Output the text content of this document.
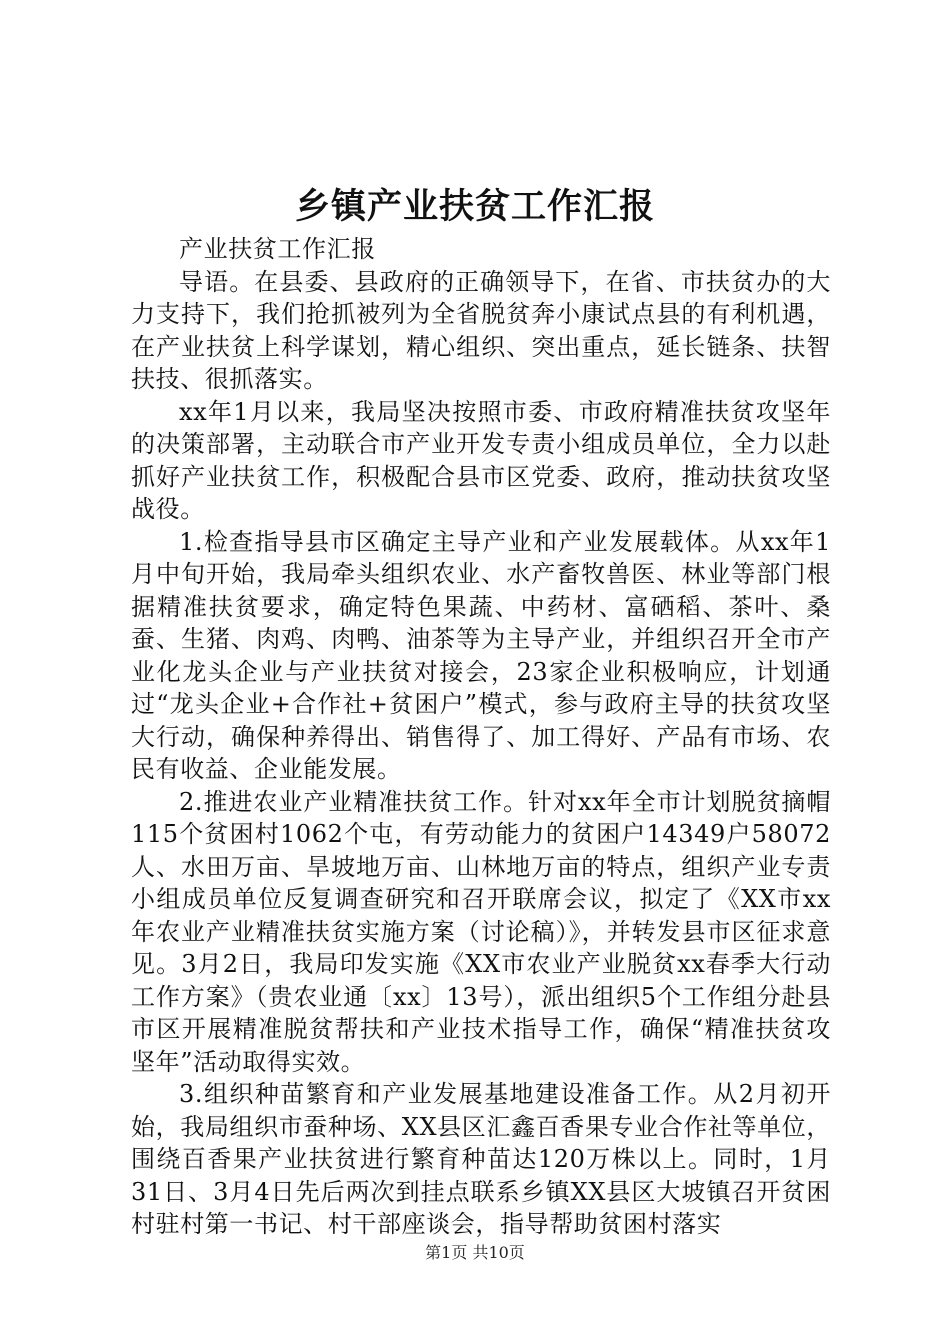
乡镇产业扶贫工作汇报

产业扶贫工作汇报

导语。在县委、县政府的正确领导下，在省、市扶贫办的大力支持下，我们抢抓被列为全省脱贫奔小康试点县的有利机遇，在产业扶贫上科学谋划，精心组织、突出重点，延长链条、扶智扶技、很抓落实。

xx年1月以来，我局坚决按照市委、市政府精准扶贫攻坚年的决策部署，主动联合市产业开发专责小组成员单位，全力以赴抓好产业扶贫工作，积极配合县市区党委、政府，推动扶贫攻坚战役。

1.检查指导县市区确定主导产业和产业发展载体。从xx年1月中旬开始，我局牵头组织农业、水产畜牧兽医、林业等部门根据精准扶贫要求，确定特色果蔬、中药材、富硒稻、茶叶、桑蚕、生猪、肉鸡、肉鸭、油茶等为主导产业，并组织召开全市产业化龙头企业与产业扶贫对接会，23家企业积极响应，计划通过“龙头企业+合作社+贫困户”模式，参与政府主导的扶贫攻坚大行动，确保种养得出、销售得了、加工得好、产品有市场、农民有收益、企业能发展。

2.推进农业产业精准扶贫工作。针对xx年全市计划脱贫摘帽115个贫困村1062个屯，有劳动能力的贫困户14349户58072人、水田万亩、旱坡地万亩、山林地万亩的特点，组织产业专责小组成员单位反复调查研究和召开联席会议，拟定了《XX市xx年农业产业精准扶贫实施方案（讨论稿）》，并转发县市区征求意见。3月2日，我局印发实施《XX市农业产业脱贫xx春季大行动工作方案》（贵农业通〔xx〕13号），派出组织5个工作组分赴县市区开展精准脱贫帮扶和产业技术指导工作，确保“精准扶贫攻坚年”活动取得实效。

3.组织种苗繁育和产业发展基地建设准备工作。从2月初开始，我局组织市蚕种场、XX县区汇鑫百香果专业合作社等单位，围绕百香果产业扶贫进行繁育种苗达120万株以上。同时，1月31日、3月4日先后两次到挂点联系乡镇XX县区大坡镇召开贫困村驻村第一书记、村干部座谈会，指导帮助贫困村落实

第1页 共10页
